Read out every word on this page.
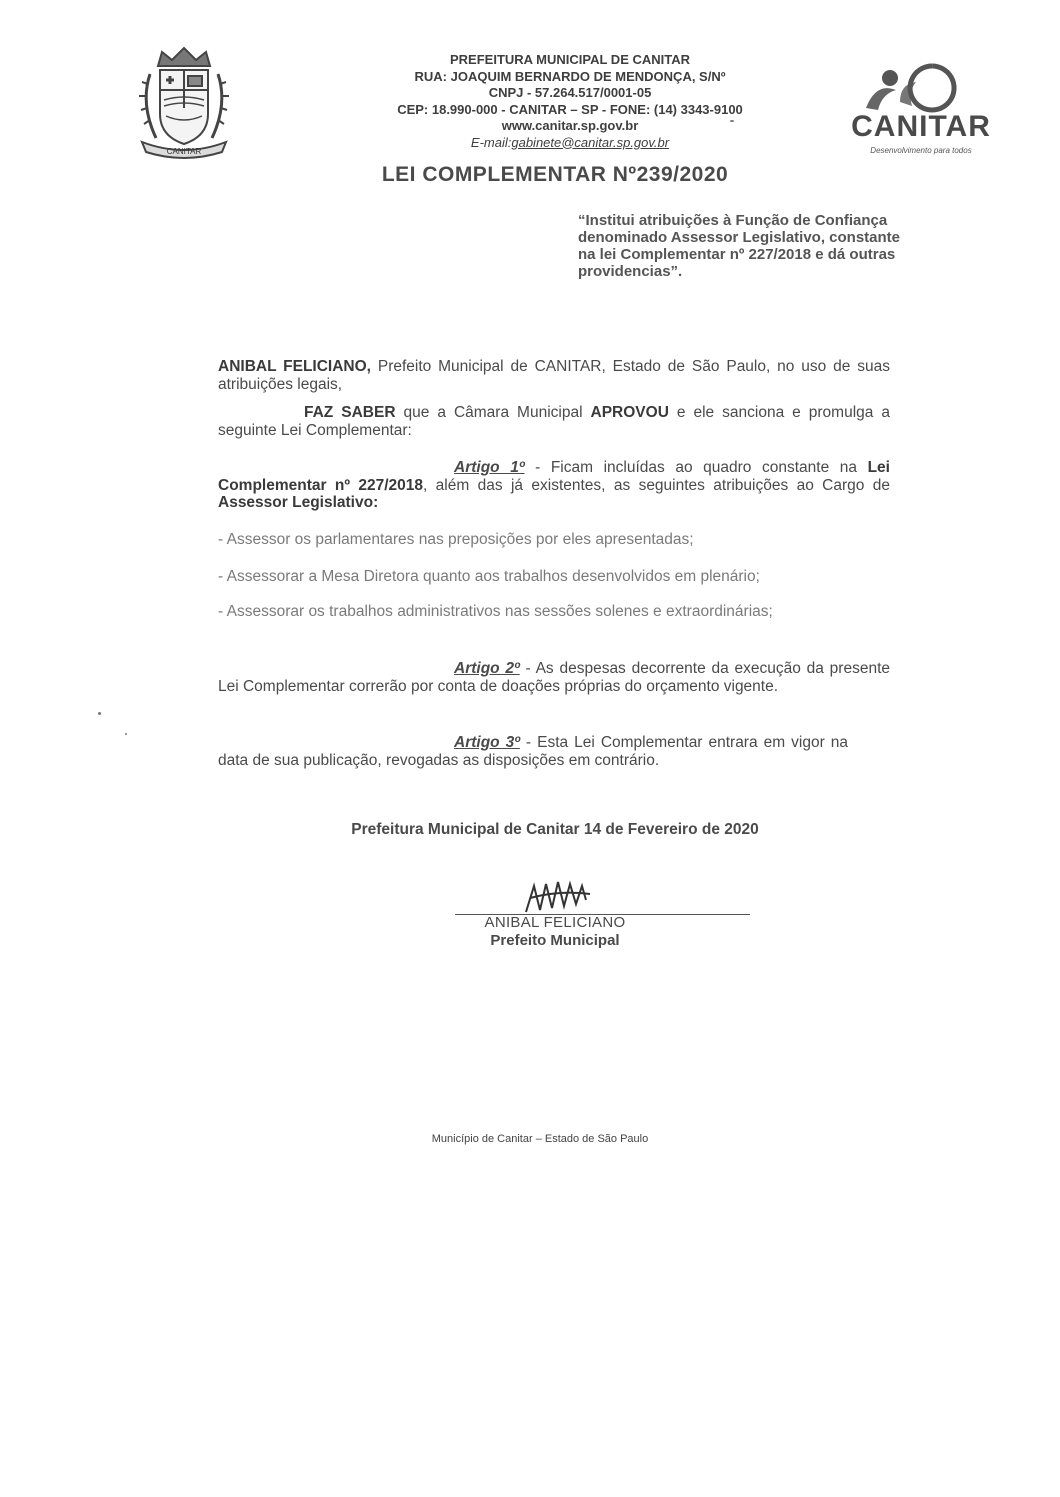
CANITAR
PREFEITURA MUNICIPAL DE CANITAR
RUA: JOAQUIM BERNARDO DE MENDONÇA, S/Nº
CNPJ - 57.264.517/0001-05
CEP: 18.990-000 - CANITAR – SP - FONE: (14) 3343-9100
www.canitar.sp.gov.br
E-mail:gabinete@canitar.sp.gov.br	CANITAR
Desenvolvimento para todos
LEI COMPLEMENTAR Nº239/2020
“Institui atribuições à Função de Confiança denominado Assessor Legislativo, constante na lei Complementar nº 227/2018 e dá outras providencias”.
ANIBAL FELICIANO, Prefeito Municipal de CANITAR, Estado de São Paulo, no uso de suas atribuições legais,
FAZ SABER que a Câmara Municipal APROVOU e ele sanciona e promulga a seguinte Lei Complementar:
Artigo 1º - Ficam incluídas ao quadro constante na Lei Complementar nº 227/2018, além das já existentes, as seguintes atribuições ao Cargo de Assessor Legislativo:
- Assessor os parlamentares nas preposições por eles apresentadas;
- Assessorar a Mesa Diretora quanto aos trabalhos desenvolvidos em plenário;
- Assessorar os trabalhos administrativos nas sessões solenes e extraordinárias;
Artigo 2º - As despesas decorrente da execução da presente Lei Complementar correrão por conta de doações próprias do orçamento vigente.
Artigo 3º - Esta Lei Complementar entrara em vigor na data de sua publicação, revogadas as disposições em contrário.
Prefeitura Municipal de Canitar 14 de Fevereiro de 2020
ANIBAL FELICIANO
Prefeito Municipal
Município de Canitar – Estado de São Paulo
